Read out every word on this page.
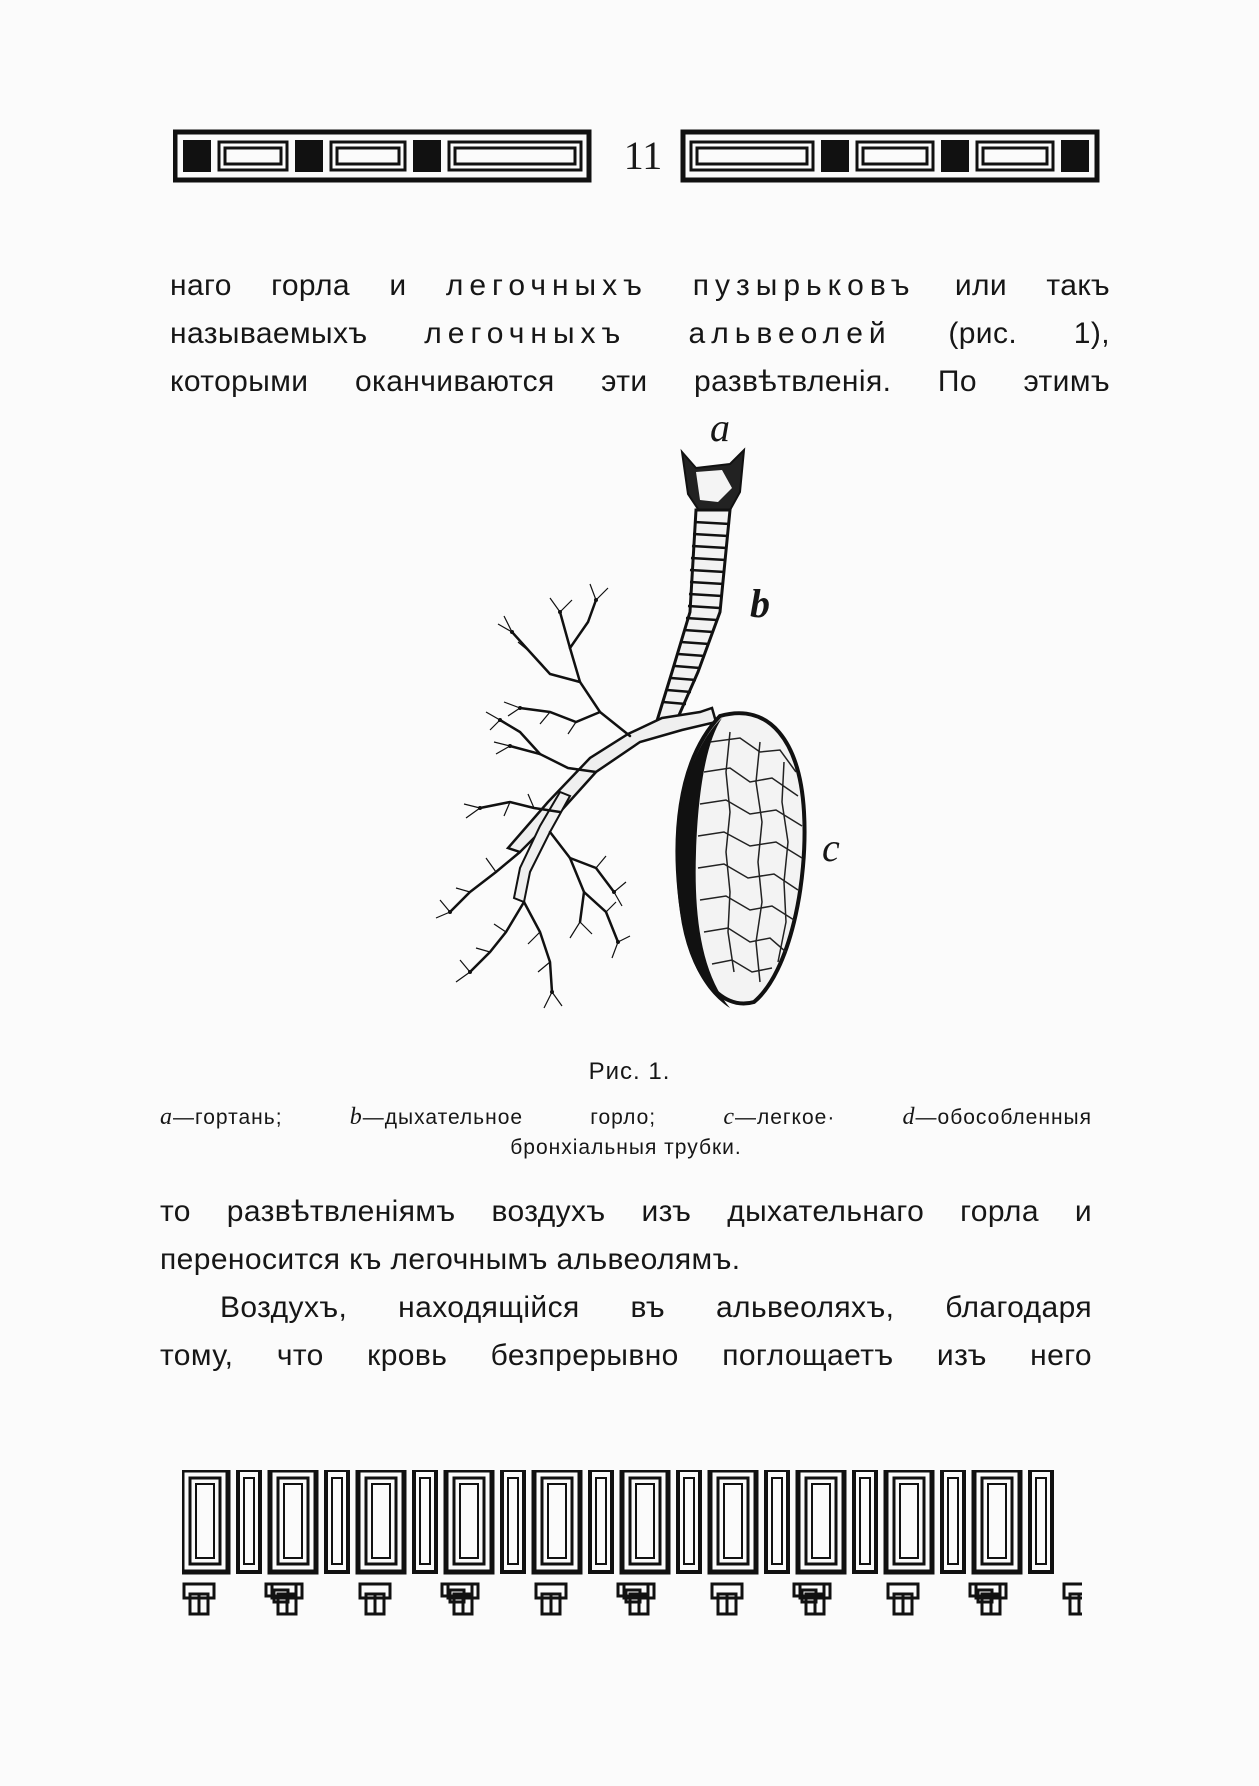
11
наго горла и легочныхъ пузырьковъ или такъ
называемыхъ легочныхъ альвеолей (рис. 1),
которыми оканчиваются эти развѣтвленія. По этимъ
a
b
c
Рис. 1.
a—гортань; b—дыхательное горло; c—легкое· d—обособленныя
бронхіальныя трубки.
то развѣтвленіямъ воздухъ изъ дыхательнаго горла и
переносится къ легочнымъ альвеолямъ.
Воздухъ, находящійся въ альвеоляхъ, благодаря
тому, что кровь безпрерывно поглощаетъ изъ него
